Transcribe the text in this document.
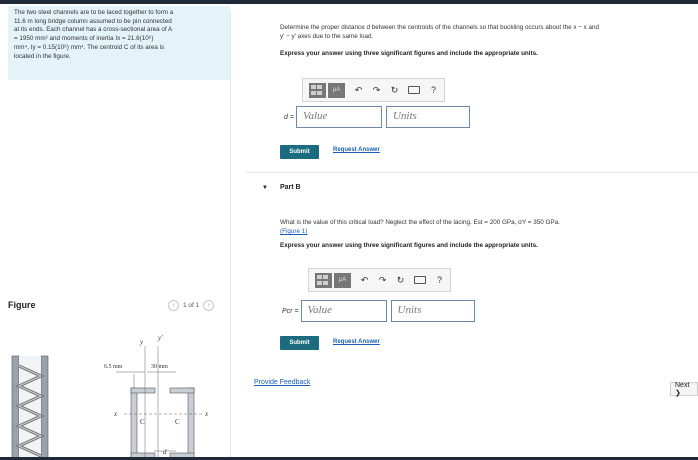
The two steel channels are to be laced together to form a
11.6 m long bridge column assumed to be pin connected
at its ends. Each channel has a cross-sectional area of A
= 1950 mm² and moments of inertia Ix = 21.6(10⁶)
mm⁴, Iy = 0.15(10⁶) mm⁴. The centroid C of its area is
located in the figure.
Figure	‹	1 of 1	›
y y′
6.5 mm	30 mm
x	x
C	C
d
Determine the proper distance d between the centroids of the channels so that buckling occurs about the x − x and
y′ − y′ axes due to the same load.
Express your answer using three significant figures and include the appropriate units.
μA	↶ ↷ ↻	?
d = Value	Units
Submit	Request Answer
▼ Part B
What is the value of this critical load? Neglect the effect of the lacing. Est = 200 GPa, σY = 350 GPa.
(Figure 1)
Express your answer using three significant figures and include the appropriate units.
μA	↶ ↷ ↻	?
Pcr = Value	Units
Submit	Request Answer
Provide Feedback	Next ❯
